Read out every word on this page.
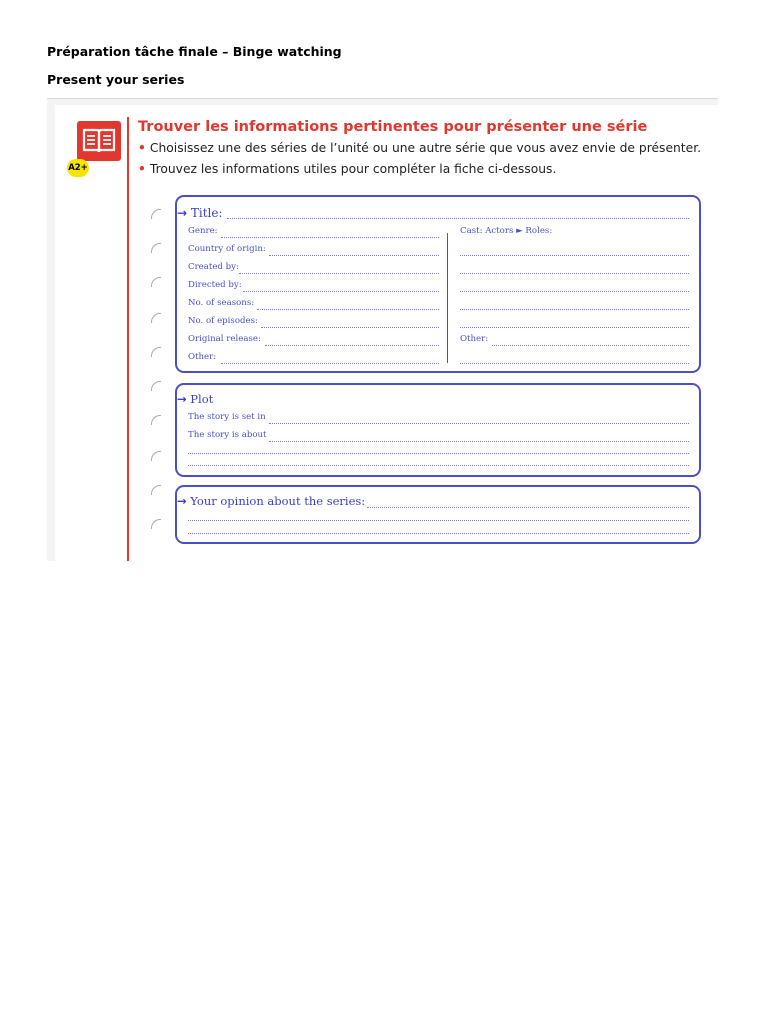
Préparation tâche finale – Binge watching
Present your series
A2+
Trouver les informations pertinentes pour présenter une série
• Choisissez une des séries de l’unité ou une autre série que vous avez envie de présenter.
• Trouvez les informations utiles pour compléter la fiche ci-dessous.
→ Title:
Genre:
Country of origin:
Created by:
Directed by:
No. of seasons:
No. of episodes:
Original release:
Other:
Cast: Actors ► Roles:
Other:
→ Plot
The story is set in
The story is about
→ Your opinion about the series:
